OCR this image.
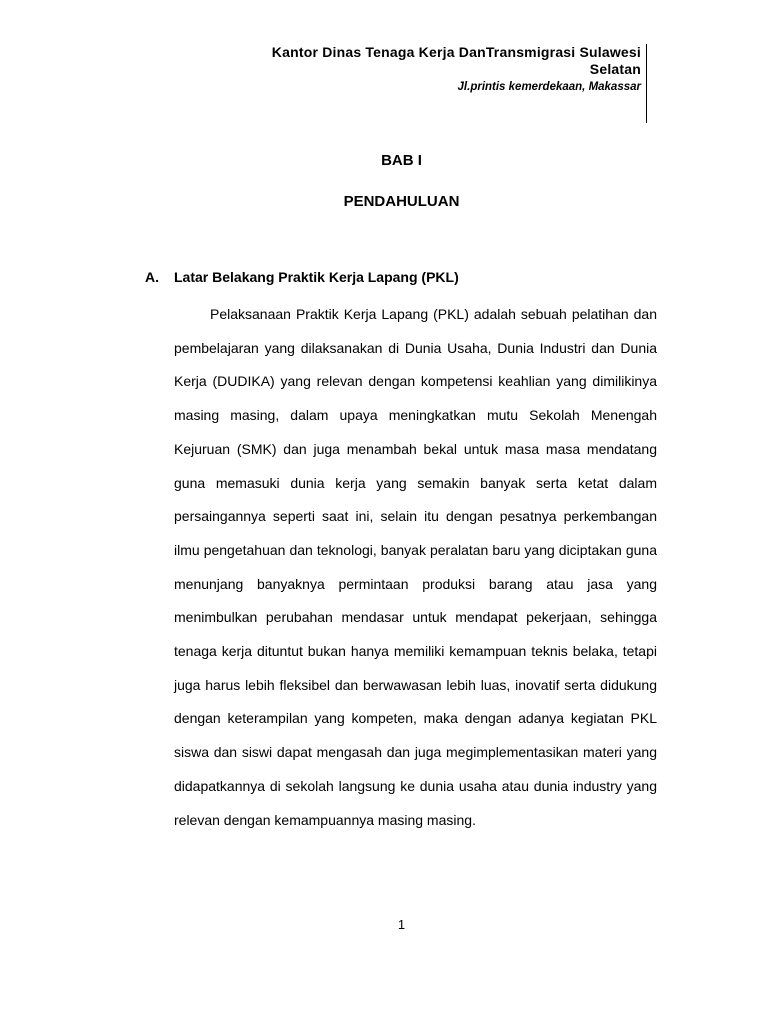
Kantor Dinas Tenaga Kerja DanTransmigrasi Sulawesi Selatan
Jl.printis kemerdekaan, Makassar
BAB I
PENDAHULUAN
A. Latar Belakang Praktik Kerja Lapang (PKL)

Pelaksanaan Praktik Kerja Lapang (PKL) adalah sebuah pelatihan dan pembelajaran yang dilaksanakan di Dunia Usaha, Dunia Industri dan Dunia Kerja (DUDIKA) yang relevan dengan kompetensi keahlian yang dimilikinya masing masing, dalam upaya meningkatkan mutu Sekolah Menengah Kejuruan (SMK) dan juga menambah bekal untuk masa masa mendatang guna memasuki dunia kerja yang semakin banyak serta ketat dalam persaingannya seperti saat ini, selain itu dengan pesatnya perkembangan ilmu pengetahuan dan teknologi, banyak peralatan baru yang diciptakan guna menunjang banyaknya permintaan produksi barang atau jasa yang menimbulkan perubahan mendasar untuk mendapat pekerjaan, sehingga tenaga kerja dituntut bukan hanya memiliki kemampuan teknis belaka, tetapi juga harus lebih fleksibel dan berwawasan lebih luas, inovatif serta didukung dengan keterampilan yang kompeten, maka dengan adanya kegiatan PKL siswa dan siswi dapat mengasah dan juga megimplementasikan materi yang didapatkannya di sekolah langsung ke dunia usaha atau dunia industry yang relevan dengan kemampuannya masing masing.

1
